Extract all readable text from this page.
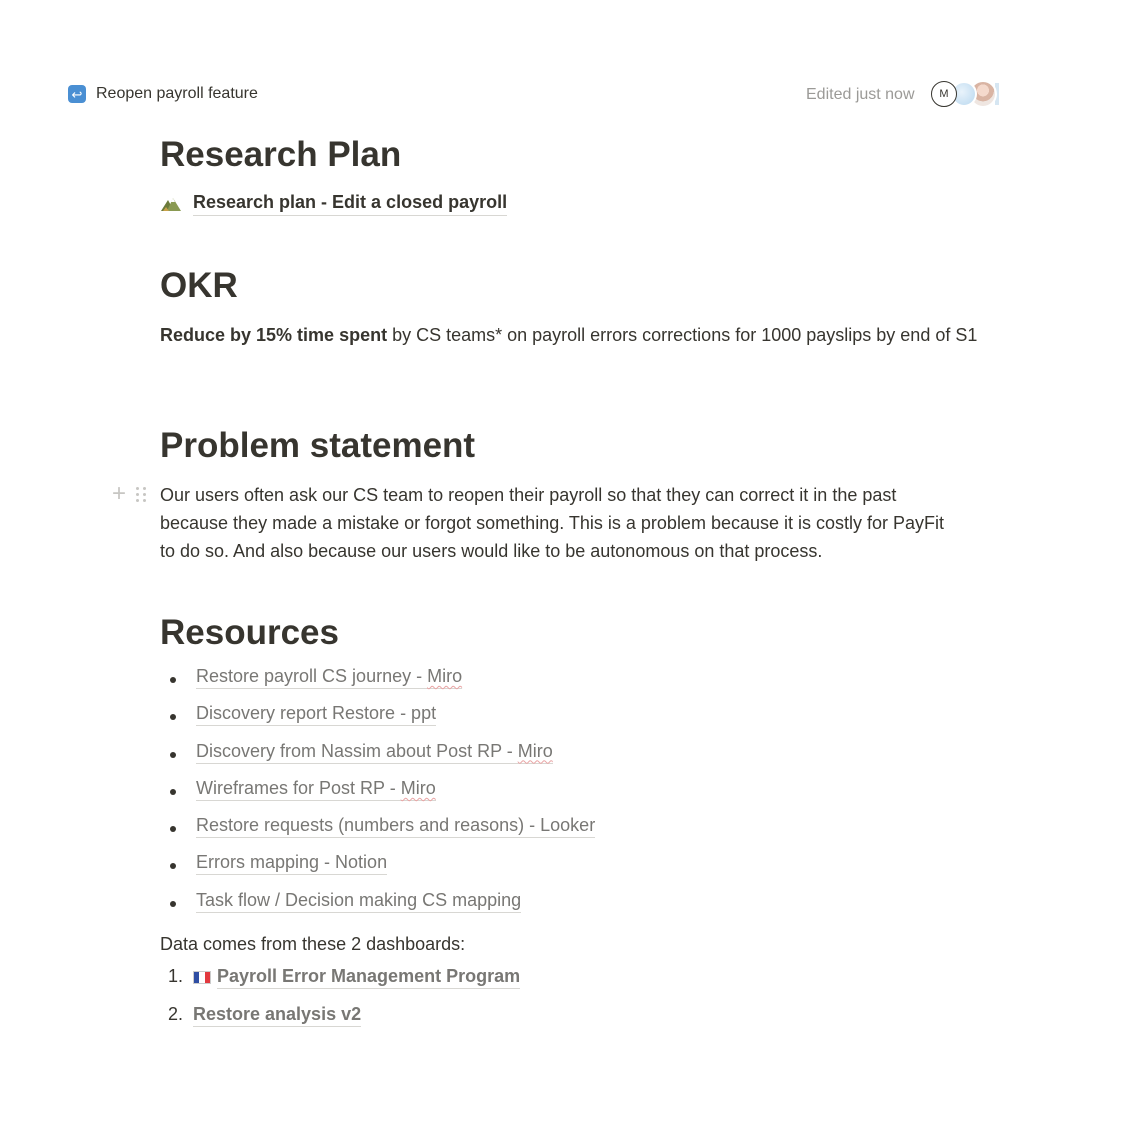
↩ Reopen payroll feature	Edited just now	M
Research Plan
Research plan - Edit a closed payroll
OKR
Reduce by 15% time spent by CS teams* on payroll errors corrections for 1000 payslips by end of S1
Problem statement
+ Our users often ask our CS team to reopen their payroll so that they can correct it in the past because they made a mistake or forgot something. This is a problem because it is costly for PayFit to do so. And also because our users would like to be autonomous on that process.
Resources
Restore payroll CS journey - Miro
Discovery report Restore - ppt
Discovery from Nassim about Post RP - Miro
Wireframes for Post RP - Miro
Restore requests (numbers and reasons) - Looker
Errors mapping - Notion
Task flow / Decision making CS mapping
Data comes from these 2 dashboards:
1.	Payroll Error Management Program
2. Restore analysis v2
